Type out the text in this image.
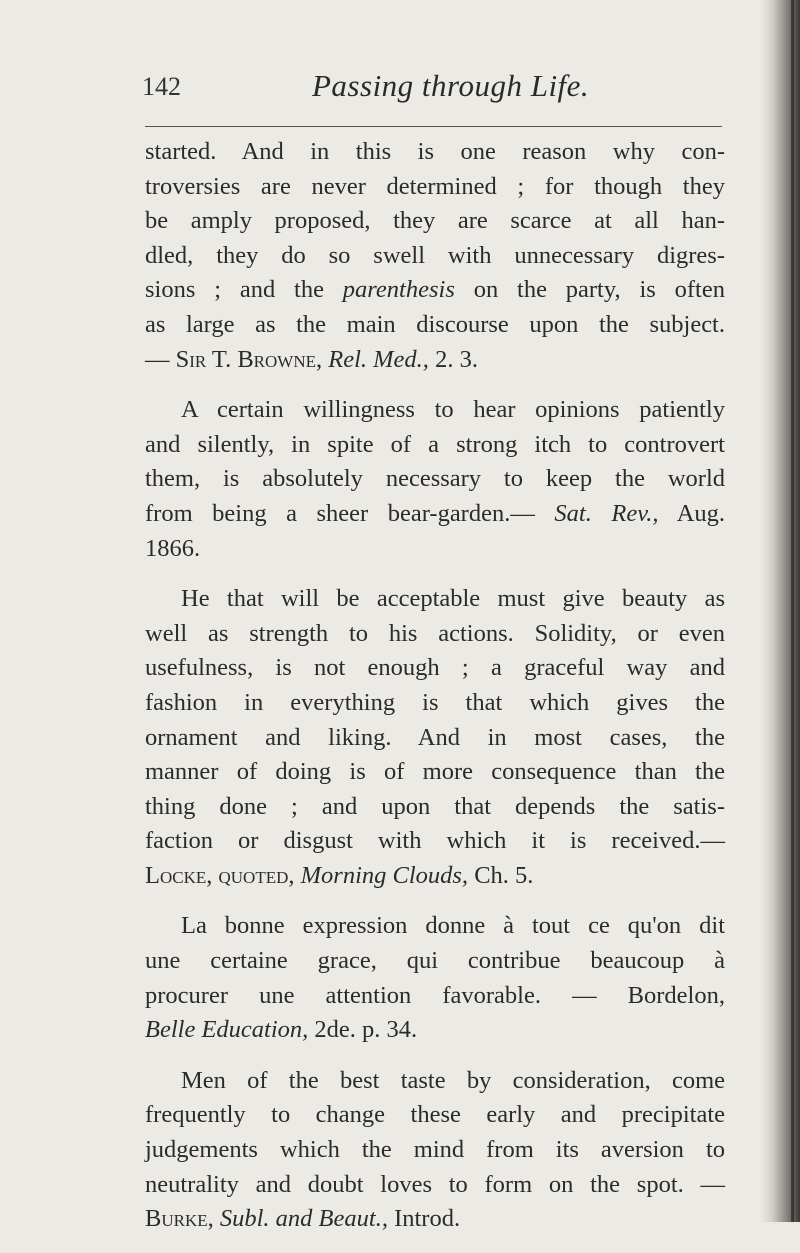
142	Passing through Life.
started. And in this is one reason why con-
troversies are never determined ; for though they
be amply proposed, they are scarce at all han-
dled, they do so swell with unnecessary digres-
sions ; and the parenthesis on the party, is often
as large as the main discourse upon the subject.
— Sir T. Browne, Rel. Med., 2. 3.
A certain willingness to hear opinions patiently
and silently, in spite of a strong itch to controvert
them, is absolutely necessary to keep the world
from being a sheer bear-garden.— Sat. Rev., Aug.
1866.
He that will be acceptable must give beauty as
well as strength to his actions. Solidity, or even
usefulness, is not enough ; a graceful way and
fashion in everything is that which gives the
ornament and liking. And in most cases, the
manner of doing is of more consequence than the
thing done ; and upon that depends the satis-
faction or disgust with which it is received.—
Locke, quoted, Morning Clouds, Ch. 5.
La bonne expression donne à tout ce qu'on dit
une certaine grace, qui contribue beaucoup à
procurer une attention favorable. — Bordelon,
Belle Education, 2de. p. 34.
Men of the best taste by consideration, come
frequently to change these early and precipitate
judgements which the mind from its aversion to
neutrality and doubt loves to form on the spot. —
Burke, Subl. and Beaut., Introd.
